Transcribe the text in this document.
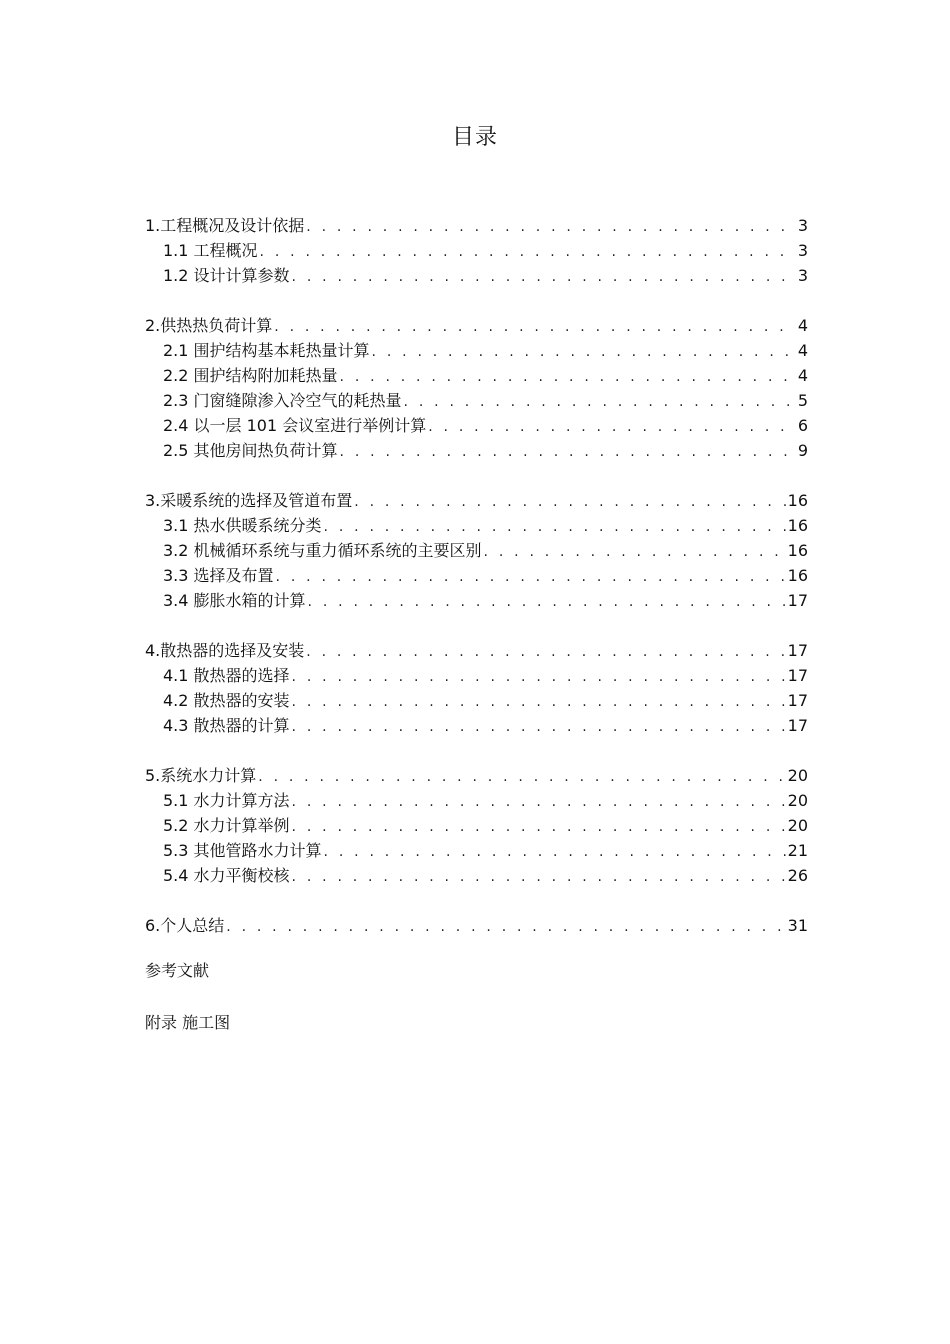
目录
1.工程概况及设计依据 . . .	3
1.1 工程概况 . . .	3
1.2 设计计算参数 . . .	3
2.供热热负荷计算 . . .	4
2.1 围护结构基本耗热量计算 . . .	4
2.2 围护结构附加耗热量 . . .	4
2.3 门窗缝隙渗入冷空气的耗热量 . . .	5
2.4 以一层 101 会议室进行举例计算 . . .	6
2.5 其他房间热负荷计算 . . .	9
3.采暖系统的选择及管道布置 . . .	16
3.1 热水供暖系统分类 . . .	16
3.2 机械循环系统与重力循环系统的主要区别 . . .	16
3.3 选择及布置 . . .	16
3.4 膨胀水箱的计算 . . .	17
4.散热器的选择及安装 . . .	17
4.1 散热器的选择 . . .	17
4.2 散热器的安装 . . .	17
4.3 散热器的计算 . . .	17
5.系统水力计算 . . .	20
5.1 水力计算方法 . . .	20
5.2 水力计算举例 . . .	20
5.3 其他管路水力计算 . . .	21
5.4 水力平衡校核 . . .	26
6.个人总结 . . .	31
参考文献
附录 施工图
